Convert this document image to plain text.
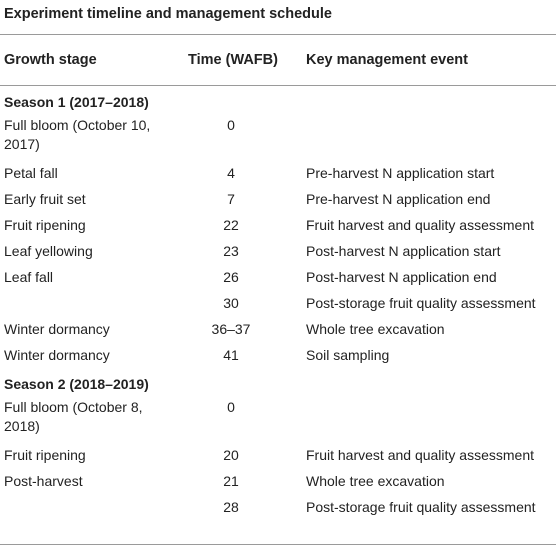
Experiment timeline and management schedule
Growth stage	Time (WAFB)	Key management event

Season 1 (2017–2018)		
Full bloom (October 10, 2017)	0	
Petal fall	4	Pre-harvest N application start
Early fruit set	7	Pre-harvest N application end
Fruit ripening	22	Fruit harvest and quality assessment
Leaf yellowing	23	Post-harvest N application start
Leaf fall	26	Post-harvest N application end
	30	Post-storage fruit quality assessment
Winter dormancy	36–37	Whole tree excavation
Winter dormancy	41	Soil sampling
Season 2 (2018–2019)		
Full bloom (October 8, 2018)	0	
Fruit ripening	20	Fruit harvest and quality assessment
Post-harvest	21	Whole tree excavation
	28	Post-storage fruit quality assessment
